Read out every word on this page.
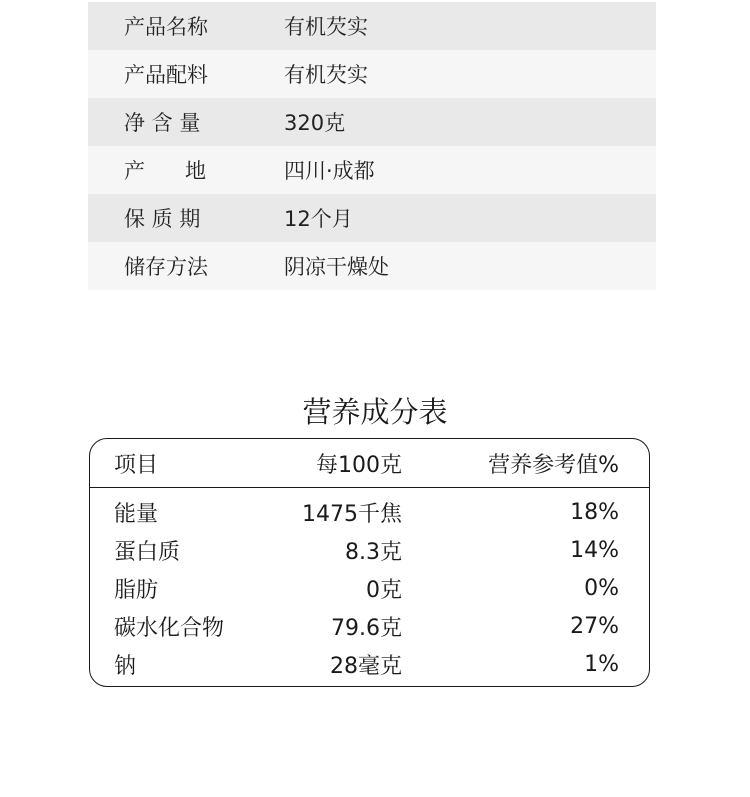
产品名称	有机芡实
产品配料	有机芡实
净 含 量	320克
产      地	四川·成都
保 质 期	12个月
储存方法	阴凉干燥处
营养成分表
项目	每100克	营养参考值%
能量	1475千焦	18%
蛋白质	8.3克	14%
脂肪	0克	0%
碳水化合物	79.6克	27%
钠	28毫克	1%
